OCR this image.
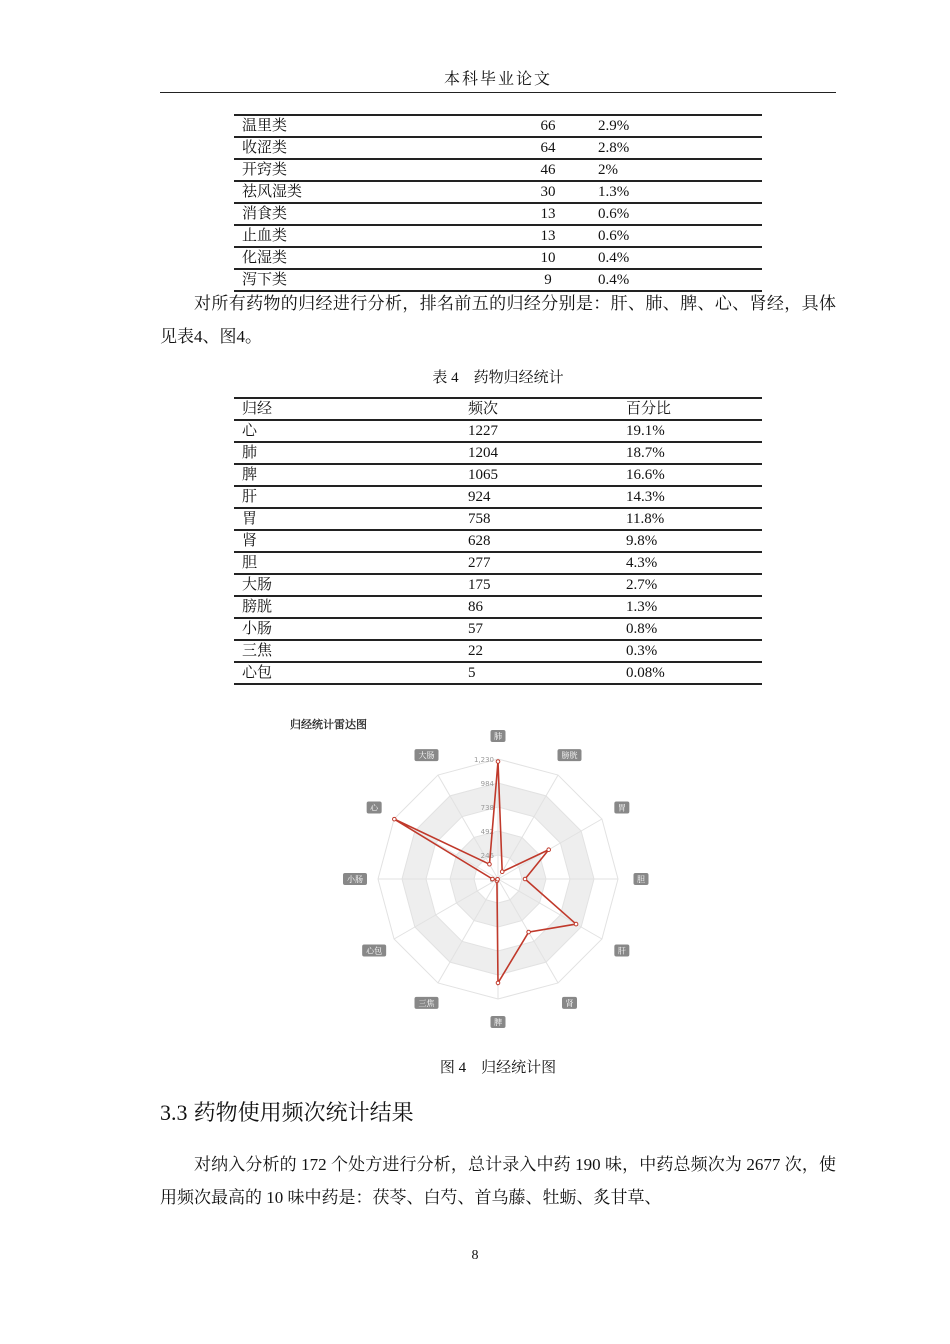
本科毕业论文
温里类	66	2.9%
收涩类	64	2.8%
开窍类	46	2%
祛风湿类	30	1.3%
消食类	13	0.6%
止血类	13	0.6%
化湿类	10	0.4%
泻下类	9	0.4%
对所有药物的归经进行分析，排名前五的归经分别是：肝、肺、脾、心、肾经，具体见表4、图4。
表 4　药物归经统计
归经	频次	百分比
心	1227	19.1%
肺	1204	18.7%
脾	1065	16.6%
肝	924	14.3%
胃	758	11.8%
肾	628	9.8%
胆	277	4.3%
大肠	175	2.7%
膀胱	86	1.3%
小肠	57	0.8%
三焦	22	0.3%
心包	5	0.08%
归经统计雷达图
246
492
738
984
1,230
肺
膀胱
胃
胆
肝
肾
脾
三焦
心包
小肠
心
大肠
图 4　归经统计图
3.3 药物使用频次统计结果
对纳入分析的 172 个处方进行分析，总计录入中药 190 味，中药总频次为 2677 次，使用频次最高的 10 味中药是：茯苓、白芍、首乌藤、牡蛎、炙甘草、
8
